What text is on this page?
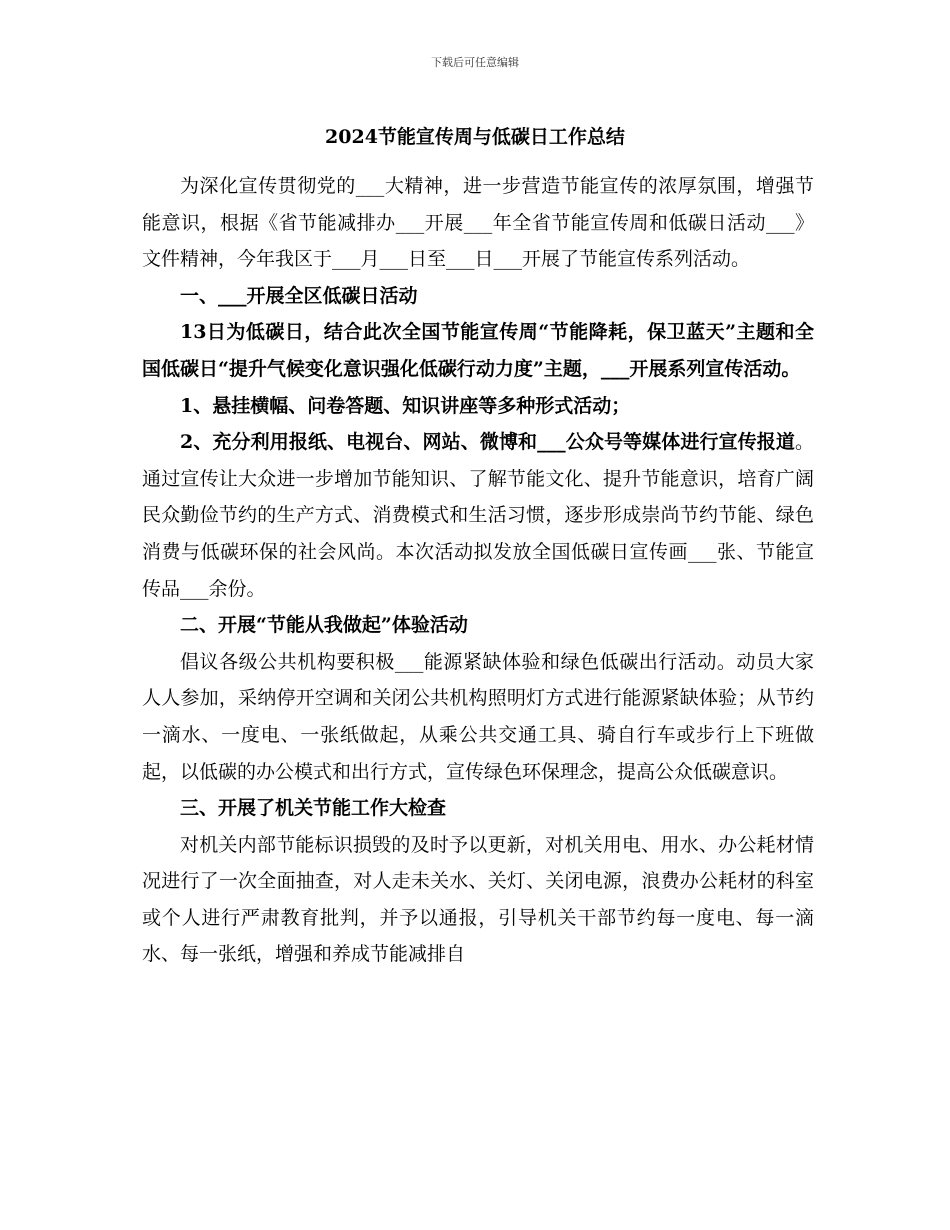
下载后可任意编辑
2024节能宣传周与低碳日工作总结

为深化宣传贯彻党的___大精神，进一步营造节能宣传的浓厚氛围，增强节能意识，根据《省节能减排办___开展___年全省节能宣传周和低碳日活动___》文件精神，今年我区于___月___日至___日___开展了节能宣传系列活动。

一、___开展全区低碳日活动

13日为低碳日，结合此次全国节能宣传周“节能降耗，保卫蓝天”主题和全国低碳日“提升气候变化意识强化低碳行动力度”主题，___开展系列宣传活动。

1、悬挂横幅、问卷答题、知识讲座等多种形式活动；

2、充分利用报纸、电视台、网站、微博和___公众号等媒体进行宣传报道。通过宣传让大众进一步增加节能知识、了解节能文化、提升节能意识，培育广阔民众勤俭节约的生产方式、消费模式和生活习惯，逐步形成崇尚节约节能、绿色消费与低碳环保的社会风尚。本次活动拟发放全国低碳日宣传画___张、节能宣传品___余份。

二、开展“节能从我做起”体验活动

倡议各级公共机构要积极___能源紧缺体验和绿色低碳出行活动。动员大家人人参加，采纳停开空调和关闭公共机构照明灯方式进行能源紧缺体验；从节约一滴水、一度电、一张纸做起，从乘公共交通工具、骑自行车或步行上下班做起，以低碳的办公模式和出行方式，宣传绿色环保理念，提高公众低碳意识。

三、开展了机关节能工作大检查

对机关内部节能标识损毁的及时予以更新，对机关用电、用水、办公耗材情况进行了一次全面抽查，对人走未关水、关灯、关闭电源，浪费办公耗材的科室或个人进行严肃教育批判，并予以通报，引导机关干部节约每一度电、每一滴水、每一张纸，增强和养成节能减排自
